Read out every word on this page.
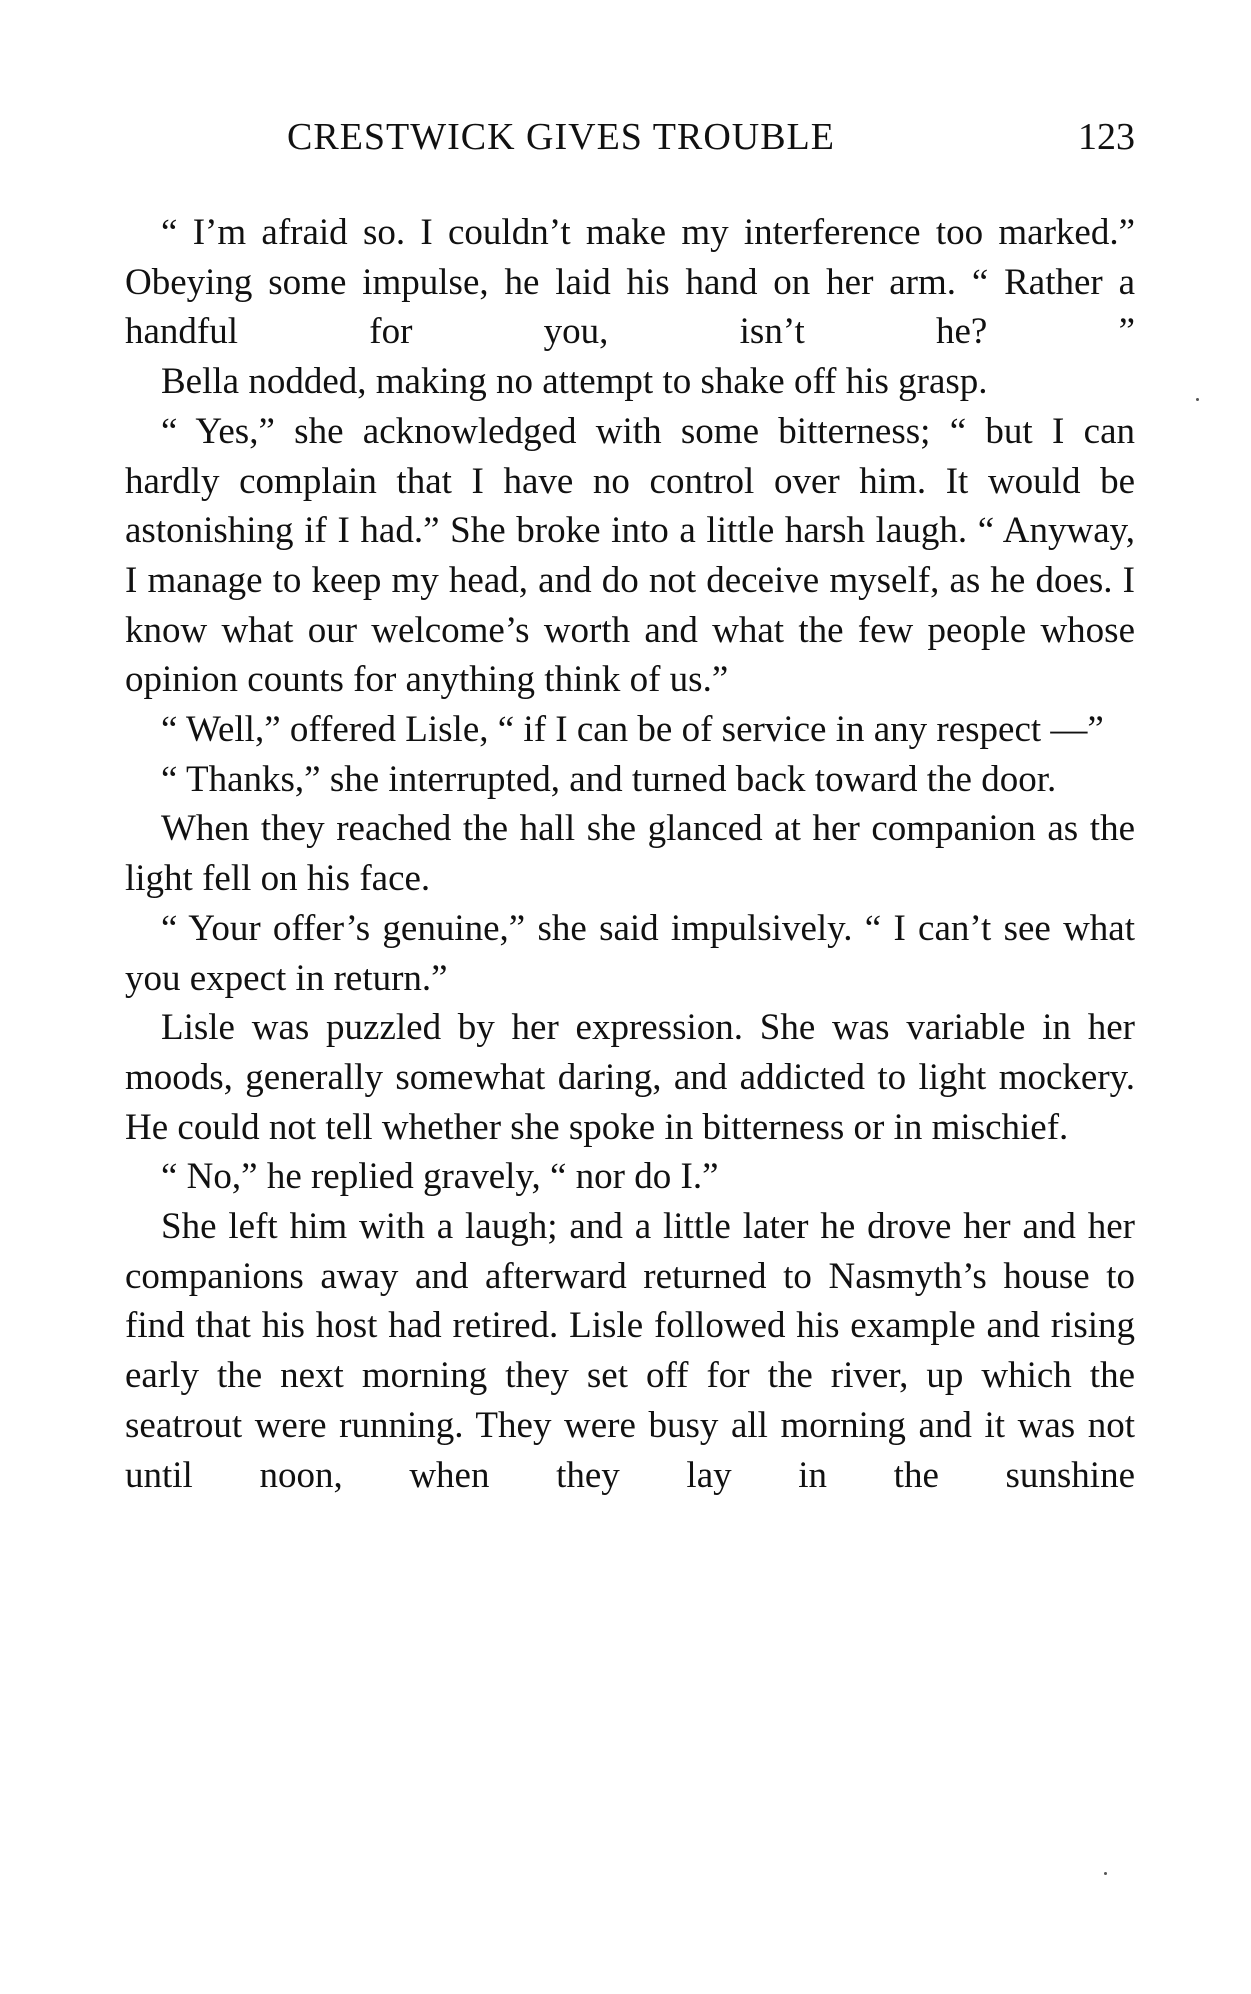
CRESTWICK GIVES TROUBLE	123

“ I’m afraid so. I couldn’t make my interference too marked.” Obeying some impulse, he laid his hand on her arm. “ Rather a handful for you, isn’t he? ”

Bella nodded, making no attempt to shake off his grasp.

“ Yes,” she acknowledged with some bitterness; “ but I can hardly complain that I have no control over him. It would be astonishing if I had.” She broke into a little harsh laugh. “ Anyway, I manage to keep my head, and do not deceive myself, as he does. I know what our welcome’s worth and what the few people whose opinion counts for anything think of us.”

“ Well,” offered Lisle, “ if I can be of service in any respect —”

“ Thanks,” she interrupted, and turned back toward the door.

When they reached the hall she glanced at her companion as the light fell on his face.

“ Your offer’s genuine,” she said impulsively. “ I can’t see what you expect in return.”

Lisle was puzzled by her expression. She was variable in her moods, generally somewhat daring, and addicted to light mockery. He could not tell whether she spoke in bitterness or in mischief.

“ No,” he replied gravely, “ nor do I.”

She left him with a laugh; and a little later he drove her and her companions away and afterward returned to Nasmyth’s house to find that his host had retired. Lisle followed his example and rising early the next morning they set off for the river, up which the seatrout were running. They were busy all morning and it was not until noon, when they lay in the sunshine
